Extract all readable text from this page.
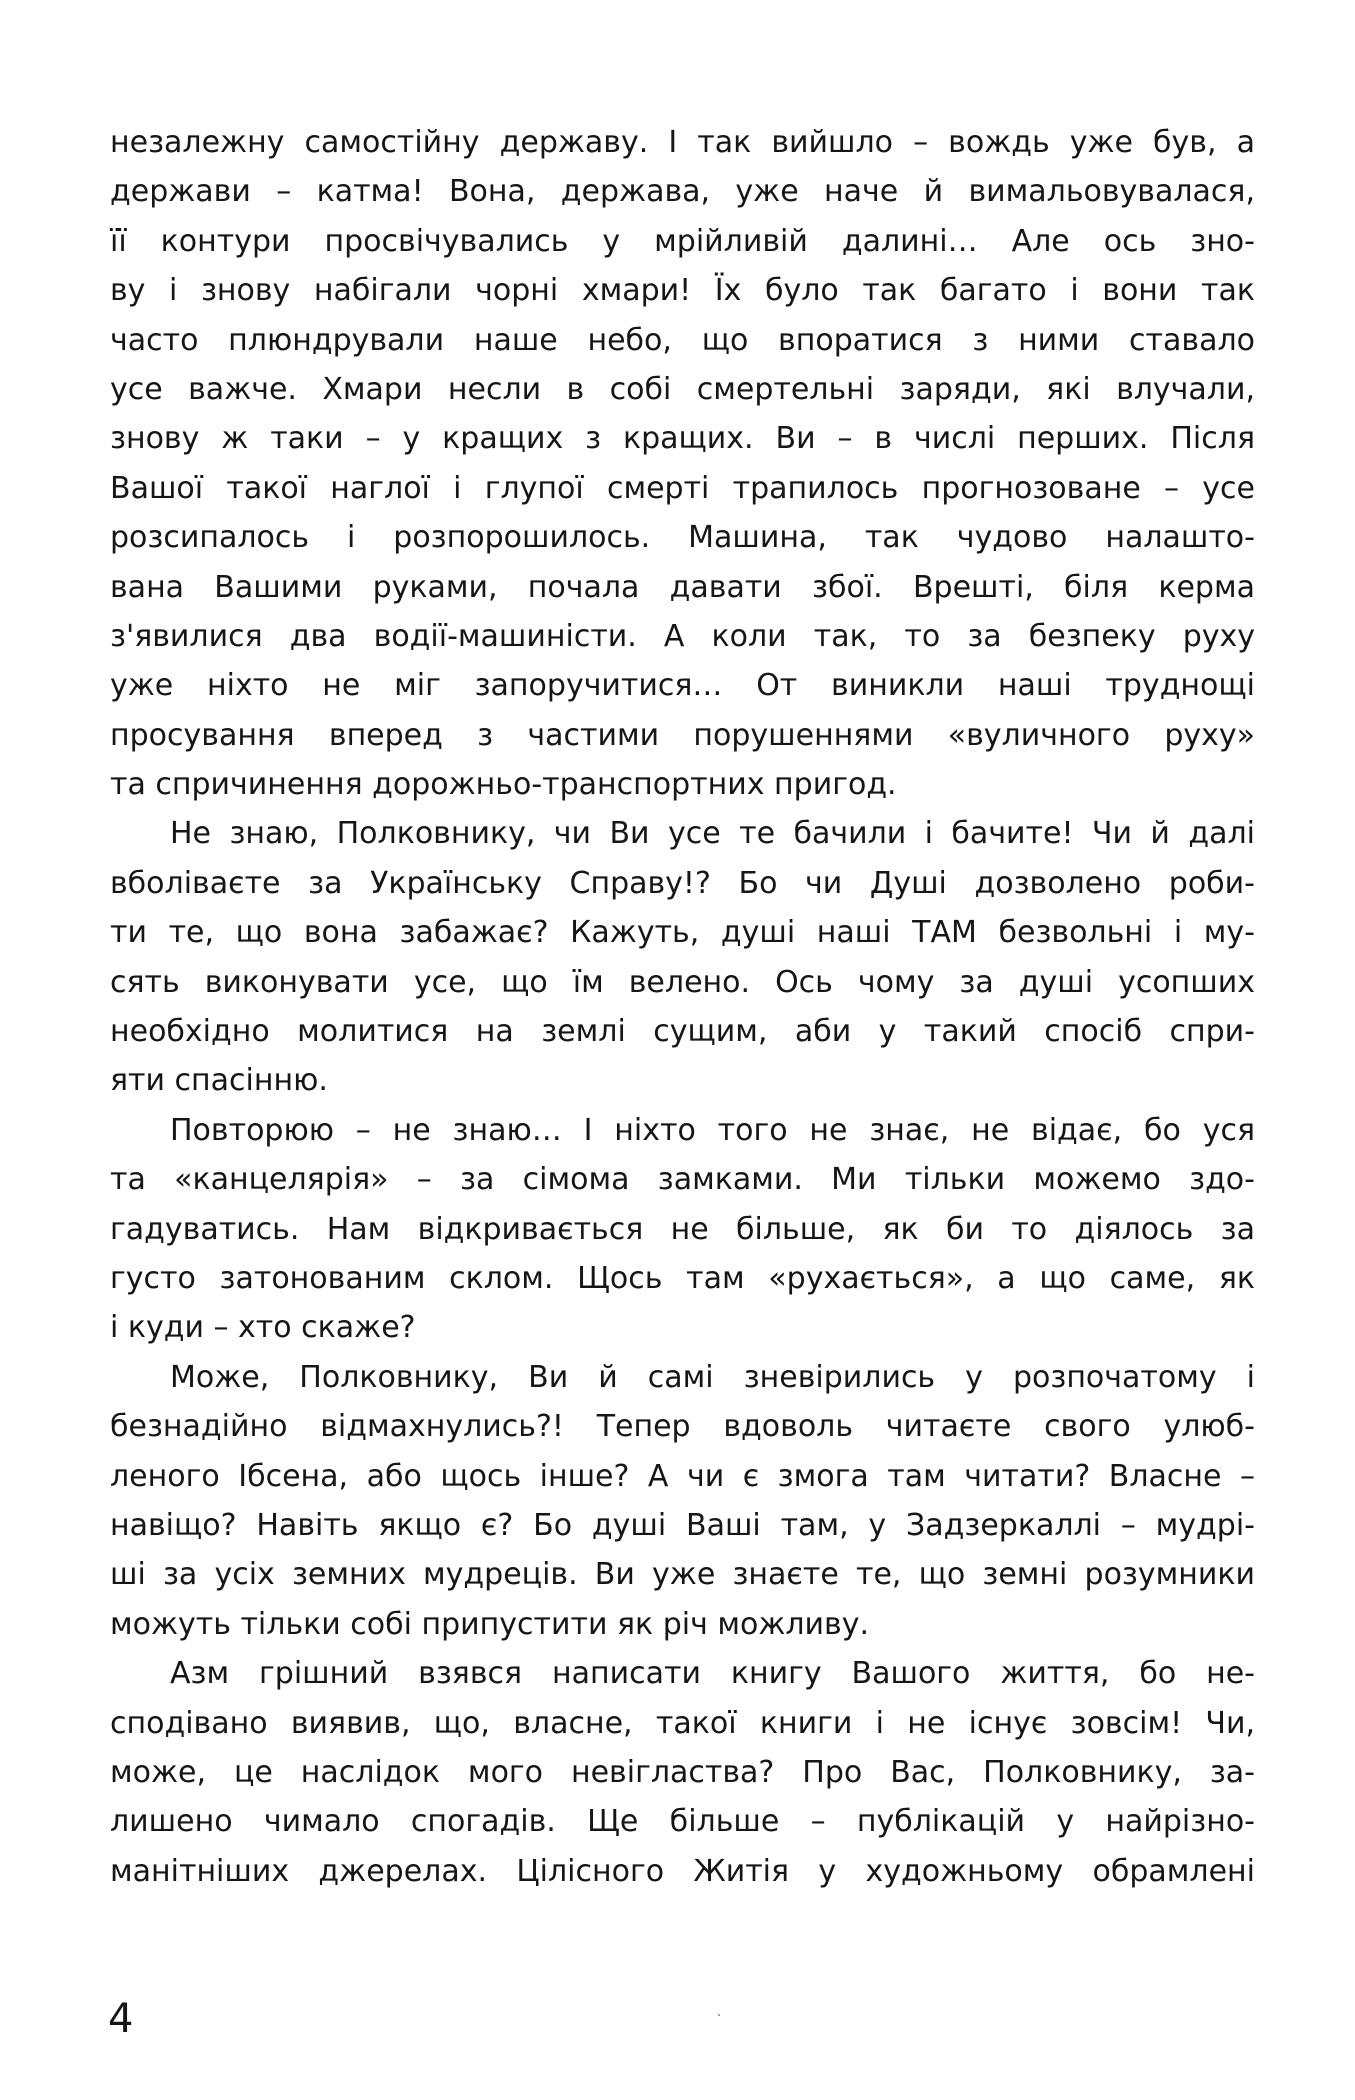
незалежну самостійну державу. І так вийшло – вождь уже був, а
держави – катма! Вона, держава, уже наче й вимальовувалася,
її контури просвічувались у мрійливій далині… Але ось зно-
ву і знову набігали чорні хмари! Їх було так багато і вони так
часто плюндрували наше небо, що впоратися з ними ставало
усе важче. Хмари несли в собі смертельні заряди, які влучали,
знову ж таки – у кращих з кращих. Ви – в числі перших. Після
Вашої такої наглої і глупої смерті трапилось прогнозоване – усе
розсипалось і розпорошилось. Машина, так чудово налашто-
вана Вашими руками, почала давати збої. Врешті, біля керма
з'явилися два водії-машиністи. А коли так, то за безпеку руху
уже ніхто не міг запоручитися… От виникли наші труднощі
просування вперед з частими порушеннями «вуличного руху»
та спричинення дорожньо-транспортних пригод.

Не знаю, Полковнику, чи Ви усе те бачили і бачите! Чи й далі
вболіваєте за Українську Справу!? Бо чи Душі дозволено роби-
ти те, що вона забажає? Кажуть, душі наші ТАМ безвольні і му-
сять виконувати усе, що їм велено. Ось чому за душі усопших
необхідно молитися на землі сущим, аби у такий спосіб спри-
яти спасінню.

Повторюю – не знаю… І ніхто того не знає, не відає, бо уся
та «канцелярія» – за сімома замками. Ми тільки можемо здо-
гадуватись. Нам відкривається не більше, як би то діялось за
густо затонованим склом. Щось там «рухається», а що саме, як
і куди – хто скаже?

Може, Полковнику, Ви й самі зневірились у розпочатому і
безнадійно відмахнулись?! Тепер вдоволь читаєте свого улюб-
леного Ібсена, або щось інше? А чи є змога там читати? Власне –
навіщо? Навіть якщо є? Бо душі Ваші там, у Задзеркаллі – мудрі-
ші за усіх земних мудреців. Ви уже знаєте те, що земні розумники
можуть тільки собі припустити як річ можливу.

Азм грішний взявся написати книгу Вашого життя, бо не-
сподівано виявив, що, власне, такої книги і не існує зовсім! Чи,
може, це наслідок мого невігластва? Про Вас, Полковнику, за-
лишено чимало спогадів. Ще більше – публікацій у найрізно-
манітніших джерелах. Цілісного Житія у художньому обрамлені

4
